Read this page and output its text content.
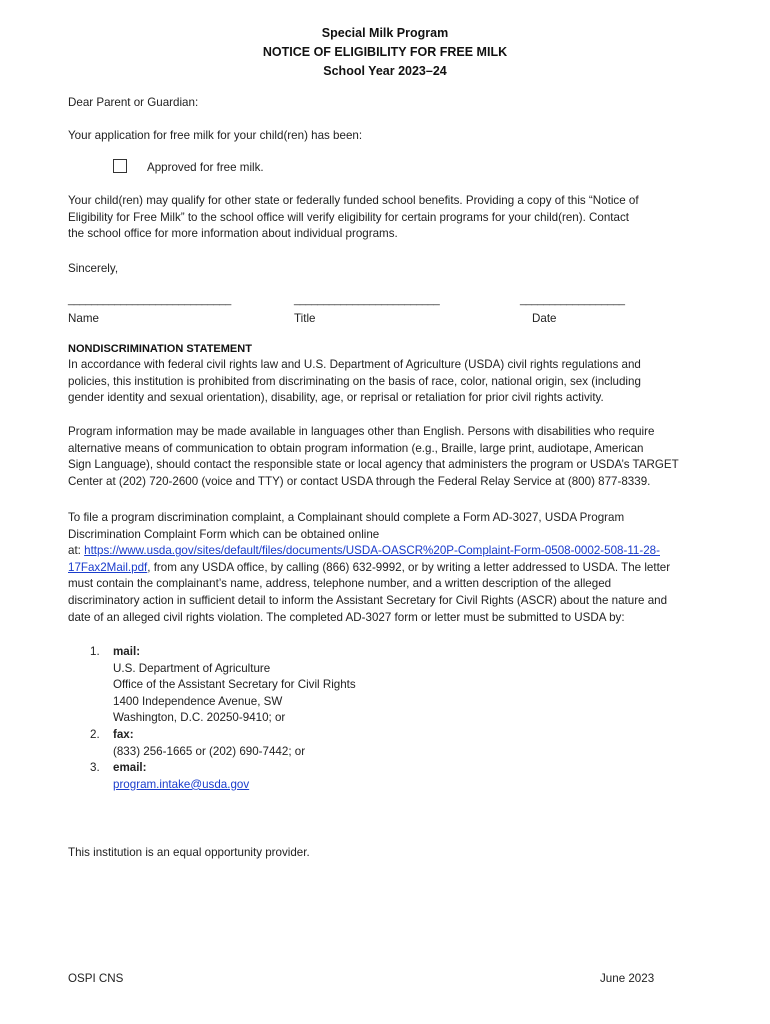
Special Milk Program
NOTICE OF ELIGIBILITY FOR FREE MILK
School Year 2023–24
Dear Parent or Guardian:
Your application for free milk for your child(ren) has been:
Approved for free milk.
Your child(ren) may qualify for other state or federally funded school benefits. Providing a copy of this “Notice of
Eligibility for Free Milk” to the school office will verify eligibility for certain programs for your child(ren). Contact
the school office for more information about individual programs.
Sincerely,
____________________________	_________________________	__________________
Name	Title	Date
NONDISCRIMINATION STATEMENT
In accordance with federal civil rights law and U.S. Department of Agriculture (USDA) civil rights regulations and
policies, this institution is prohibited from discriminating on the basis of race, color, national origin, sex (including
gender identity and sexual orientation), disability, age, or reprisal or retaliation for prior civil rights activity.
Program information may be made available in languages other than English. Persons with disabilities who require
alternative means of communication to obtain program information (e.g., Braille, large print, audiotape, American
Sign Language), should contact the responsible state or local agency that administers the program or USDA’s TARGET
Center at (202) 720-2600 (voice and TTY) or contact USDA through the Federal Relay Service at (800) 877-8339.
To file a program discrimination complaint, a Complainant should complete a Form AD-3027, USDA Program
Discrimination Complaint Form which can be obtained online
at: https://www.usda.gov/sites/default/files/documents/USDA-OASCR%20P-Complaint-Form-0508-0002-508-11-28-
17Fax2Mail.pdf, from any USDA office, by calling (866) 632-9992, or by writing a letter addressed to USDA. The letter
must contain the complainant’s name, address, telephone number, and a written description of the alleged
discriminatory action in sufficient detail to inform the Assistant Secretary for Civil Rights (ASCR) about the nature and
date of an alleged civil rights violation. The completed AD-3027 form or letter must be submitted to USDA by:
1. mail:
U.S. Department of Agriculture
Office of the Assistant Secretary for Civil Rights
1400 Independence Avenue, SW
Washington, D.C. 20250-9410; or
2. fax:
(833) 256-1665 or (202) 690-7442; or
3. email:
program.intake@usda.gov
This institution is an equal opportunity provider.
OSPI CNS	June 2023
